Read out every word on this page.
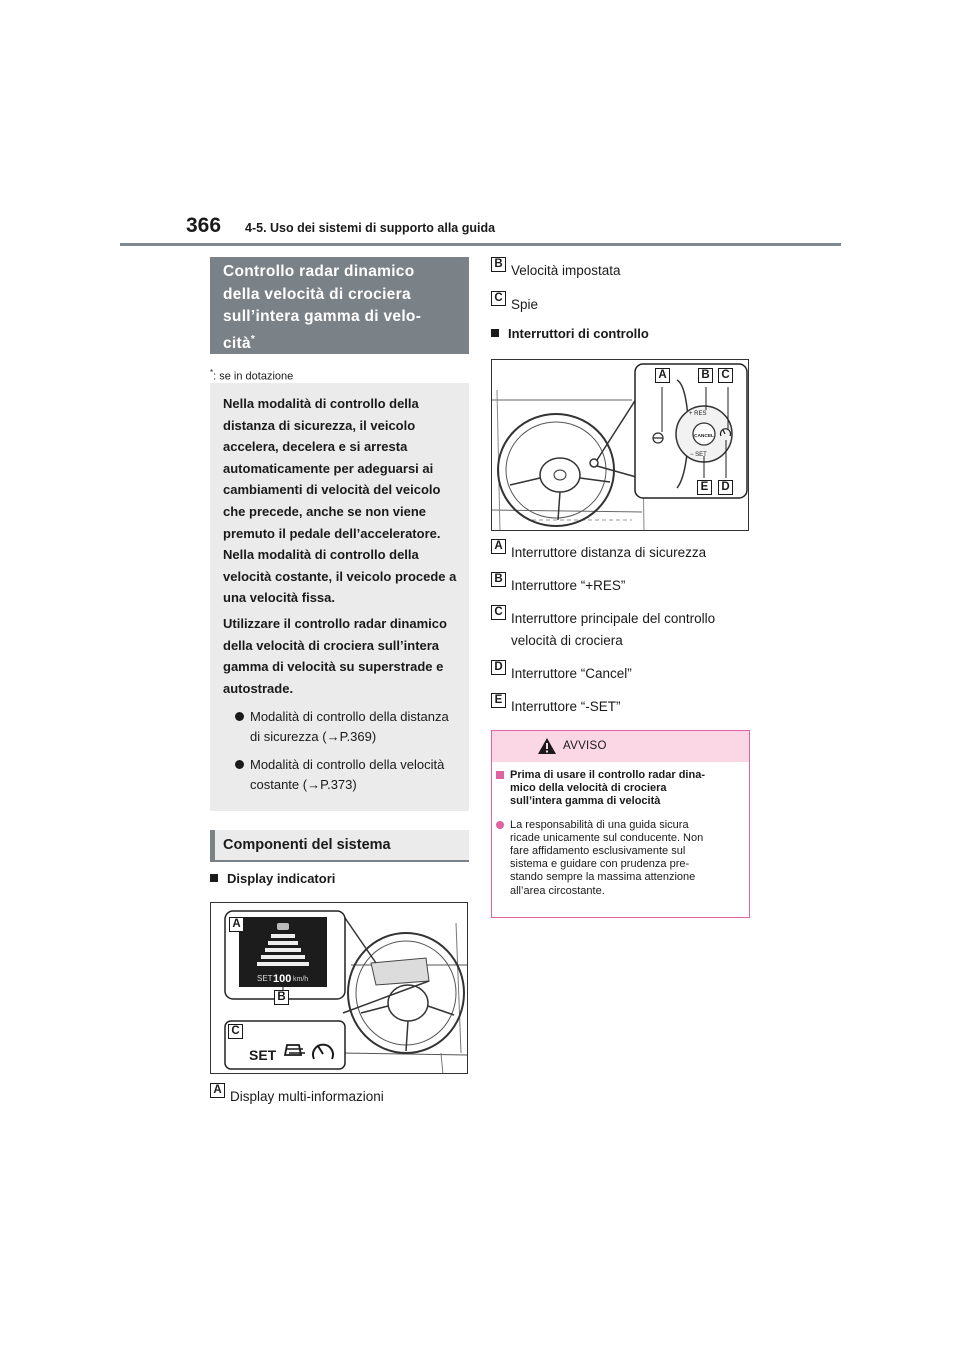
366 4-5. Uso dei sistemi di supporto alla guida
Controllo radar dinamico
della velocità di crociera
sull’intera gamma di velo-
cità*
*: se in dotazione

Nella modalità di controllo della distanza di sicurezza, il veicolo accelera, decelera e si arresta automaticamente per adeguarsi ai cambiamenti di velocità del veicolo che precede, anche se non viene premuto il pedale dell’acceleratore. Nella modalità di controllo della velocità costante, il veicolo procede a una velocità fissa.

Utilizzare il controllo radar dinamico della velocità di crociera sull’intera gamma di velocità su superstrade e autostrade.

Modalità di controllo della distanza di sicurezza (→P.369)
Modalità di controllo della velocità costante (→P.373)
Componenti del sistema
Display indicatori
SET 100 km/h
SET
A
B
C
A Display multi-informazioni
B Velocità impostata
C Spie
Interruttori di controllo
+ RES
CANCEL
− SET
A	B C
D
E
A Interruttore distanza di sicurezza
B Interruttore “+RES”
C Interruttore principale del controllo
velocità di crociera
D Interruttore “Cancel”
E Interruttore “-SET”
AVVISO
Prima di usare il controllo radar dina-
mico della velocità di crociera
sull’intera gamma di velocità
La responsabilità di una guida sicura
ricade unicamente sul conducente. Non
fare affidamento esclusivamente sul
sistema e guidare con prudenza pre-
stando sempre la massima attenzione
all’area circostante.
